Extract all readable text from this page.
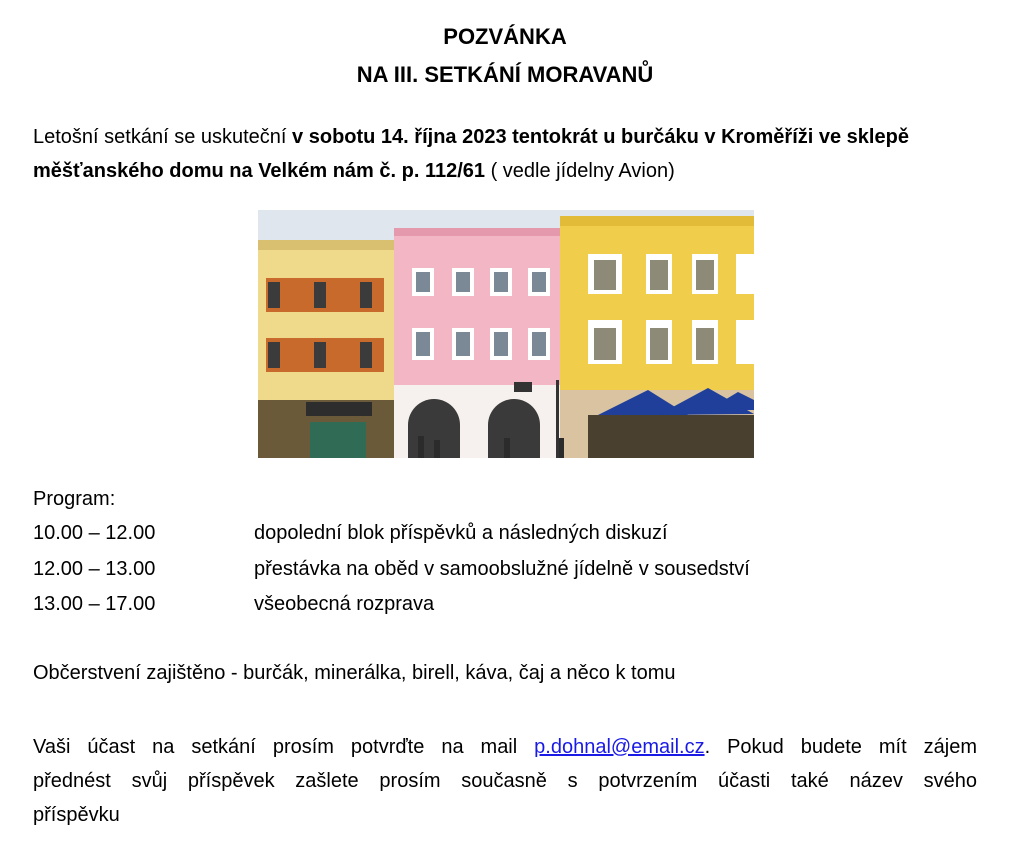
POZVÁNKA
NA III. SETKÁNÍ MORAVANŮ
Letošní setkání se uskuteční v sobotu 14. října 2023 tentokrát u burčáku v Kroměříži ve sklepě měšťanského domu na Velkém nám č. p. 112/61 ( vedle jídelny Avion)
Program:
10.00 – 12.00	dopolední blok příspěvků a následných diskuzí
12.00 – 13.00	přestávka na oběd v samoobslužné jídelně v sousedství
13.00 – 17.00	všeobecná rozprava
Občerstvení zajištěno - burčák, minerálka, birell, káva, čaj a něco k tomu
Vaši účast na setkání prosím potvrďte na mail p.dohnal@email.cz. Pokud budete mít zájem
přednést svůj příspěvek zašlete prosím současně s potvrzením účasti také název svého
příspěvku
